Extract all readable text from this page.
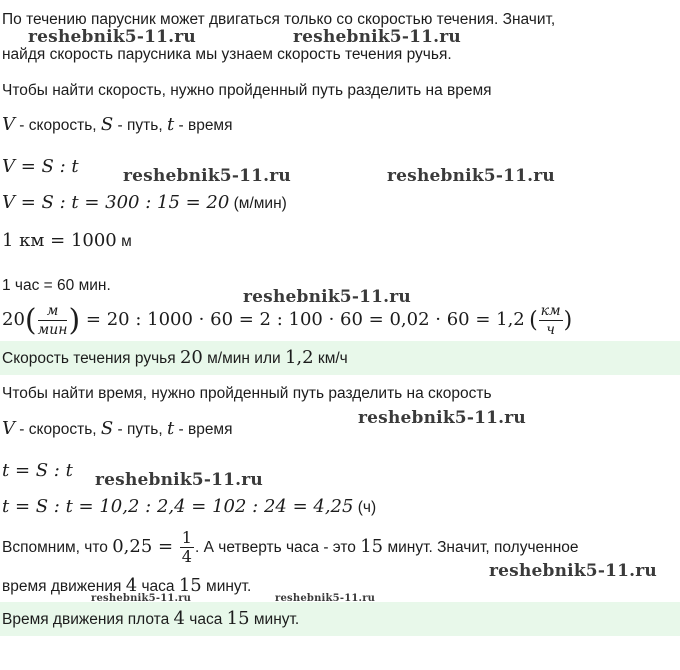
По течению парусник может двигаться только со скоростью течения. Значит,
найдя скорость парусника мы узнаем скорость течения ручья.
Чтобы найти скорость, нужно пройденный путь разделить на время
V - скорость, S - путь, t - время
V = S : t
V = S : t = 300 : 15 = 20 (м/мин)
1 км = 1000 м
1 час = 60 мин.
$20( \frac{м}{\text{мин}}$ ) = 20 : 1000 · 60 = 2 : 100 · 60 = 0,02 · 60 = 1,2 ( $\frac{км}{ч}$ )
Скорость течения ручья 20 м/мин или 1,2 км/ч
Чтобы найти время, нужно пройденный путь разделить на скорость
V - скорость, S - путь, t - время
t = S : t
t = S : t = 10,2 : 2,4 = 102 : 24 = 4,25 (ч)
Вспомним, что $0,25 = \frac{1}{4}$ . А четверть часа - это 15 минут. Значит, полученное
время движения 4 часа 15 минут.
Время движения плота 4 часа 15 минут.
reshebnik5-11.ru	reshebnik5-11.ru
reshebnik5-11.ru	reshebnik5-11.ru
reshebnik5-11.ru
reshebnik5-11.ru
reshebnik5-11.ru
reshebnik5-11.ru
reshebnik5-11.ru	reshebnik5-11.ru
